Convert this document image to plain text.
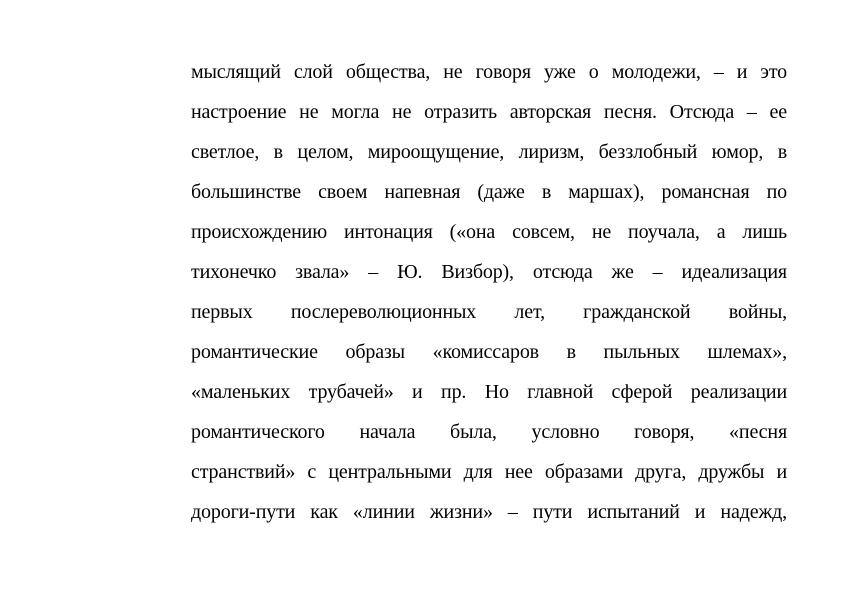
мыслящий слой общества, не говоря уже о молодежи, – и это
настроение не могла не отразить авторская песня. Отсюда – ее
светлое, в целом, мироощущение, лиризм, беззлобный юмор, в
большинстве своем напевная (даже в маршах), романсная по
происхождению интонация («она совсем, не поучала, а лишь
тихонечко звала» – Ю. Визбор), отсюда же – идеализация
первых послереволюционных лет, гражданской войны,
романтические образы «комиссаров в пыльных шлемах»,
«маленьких трубачей» и пр. Но главной сферой реализации
романтического начала была, условно говоря, «песня
странствий» с центральными для нее образами друга, дружбы и
дороги-пути как «линии жизни» – пути испытаний и надежд,
